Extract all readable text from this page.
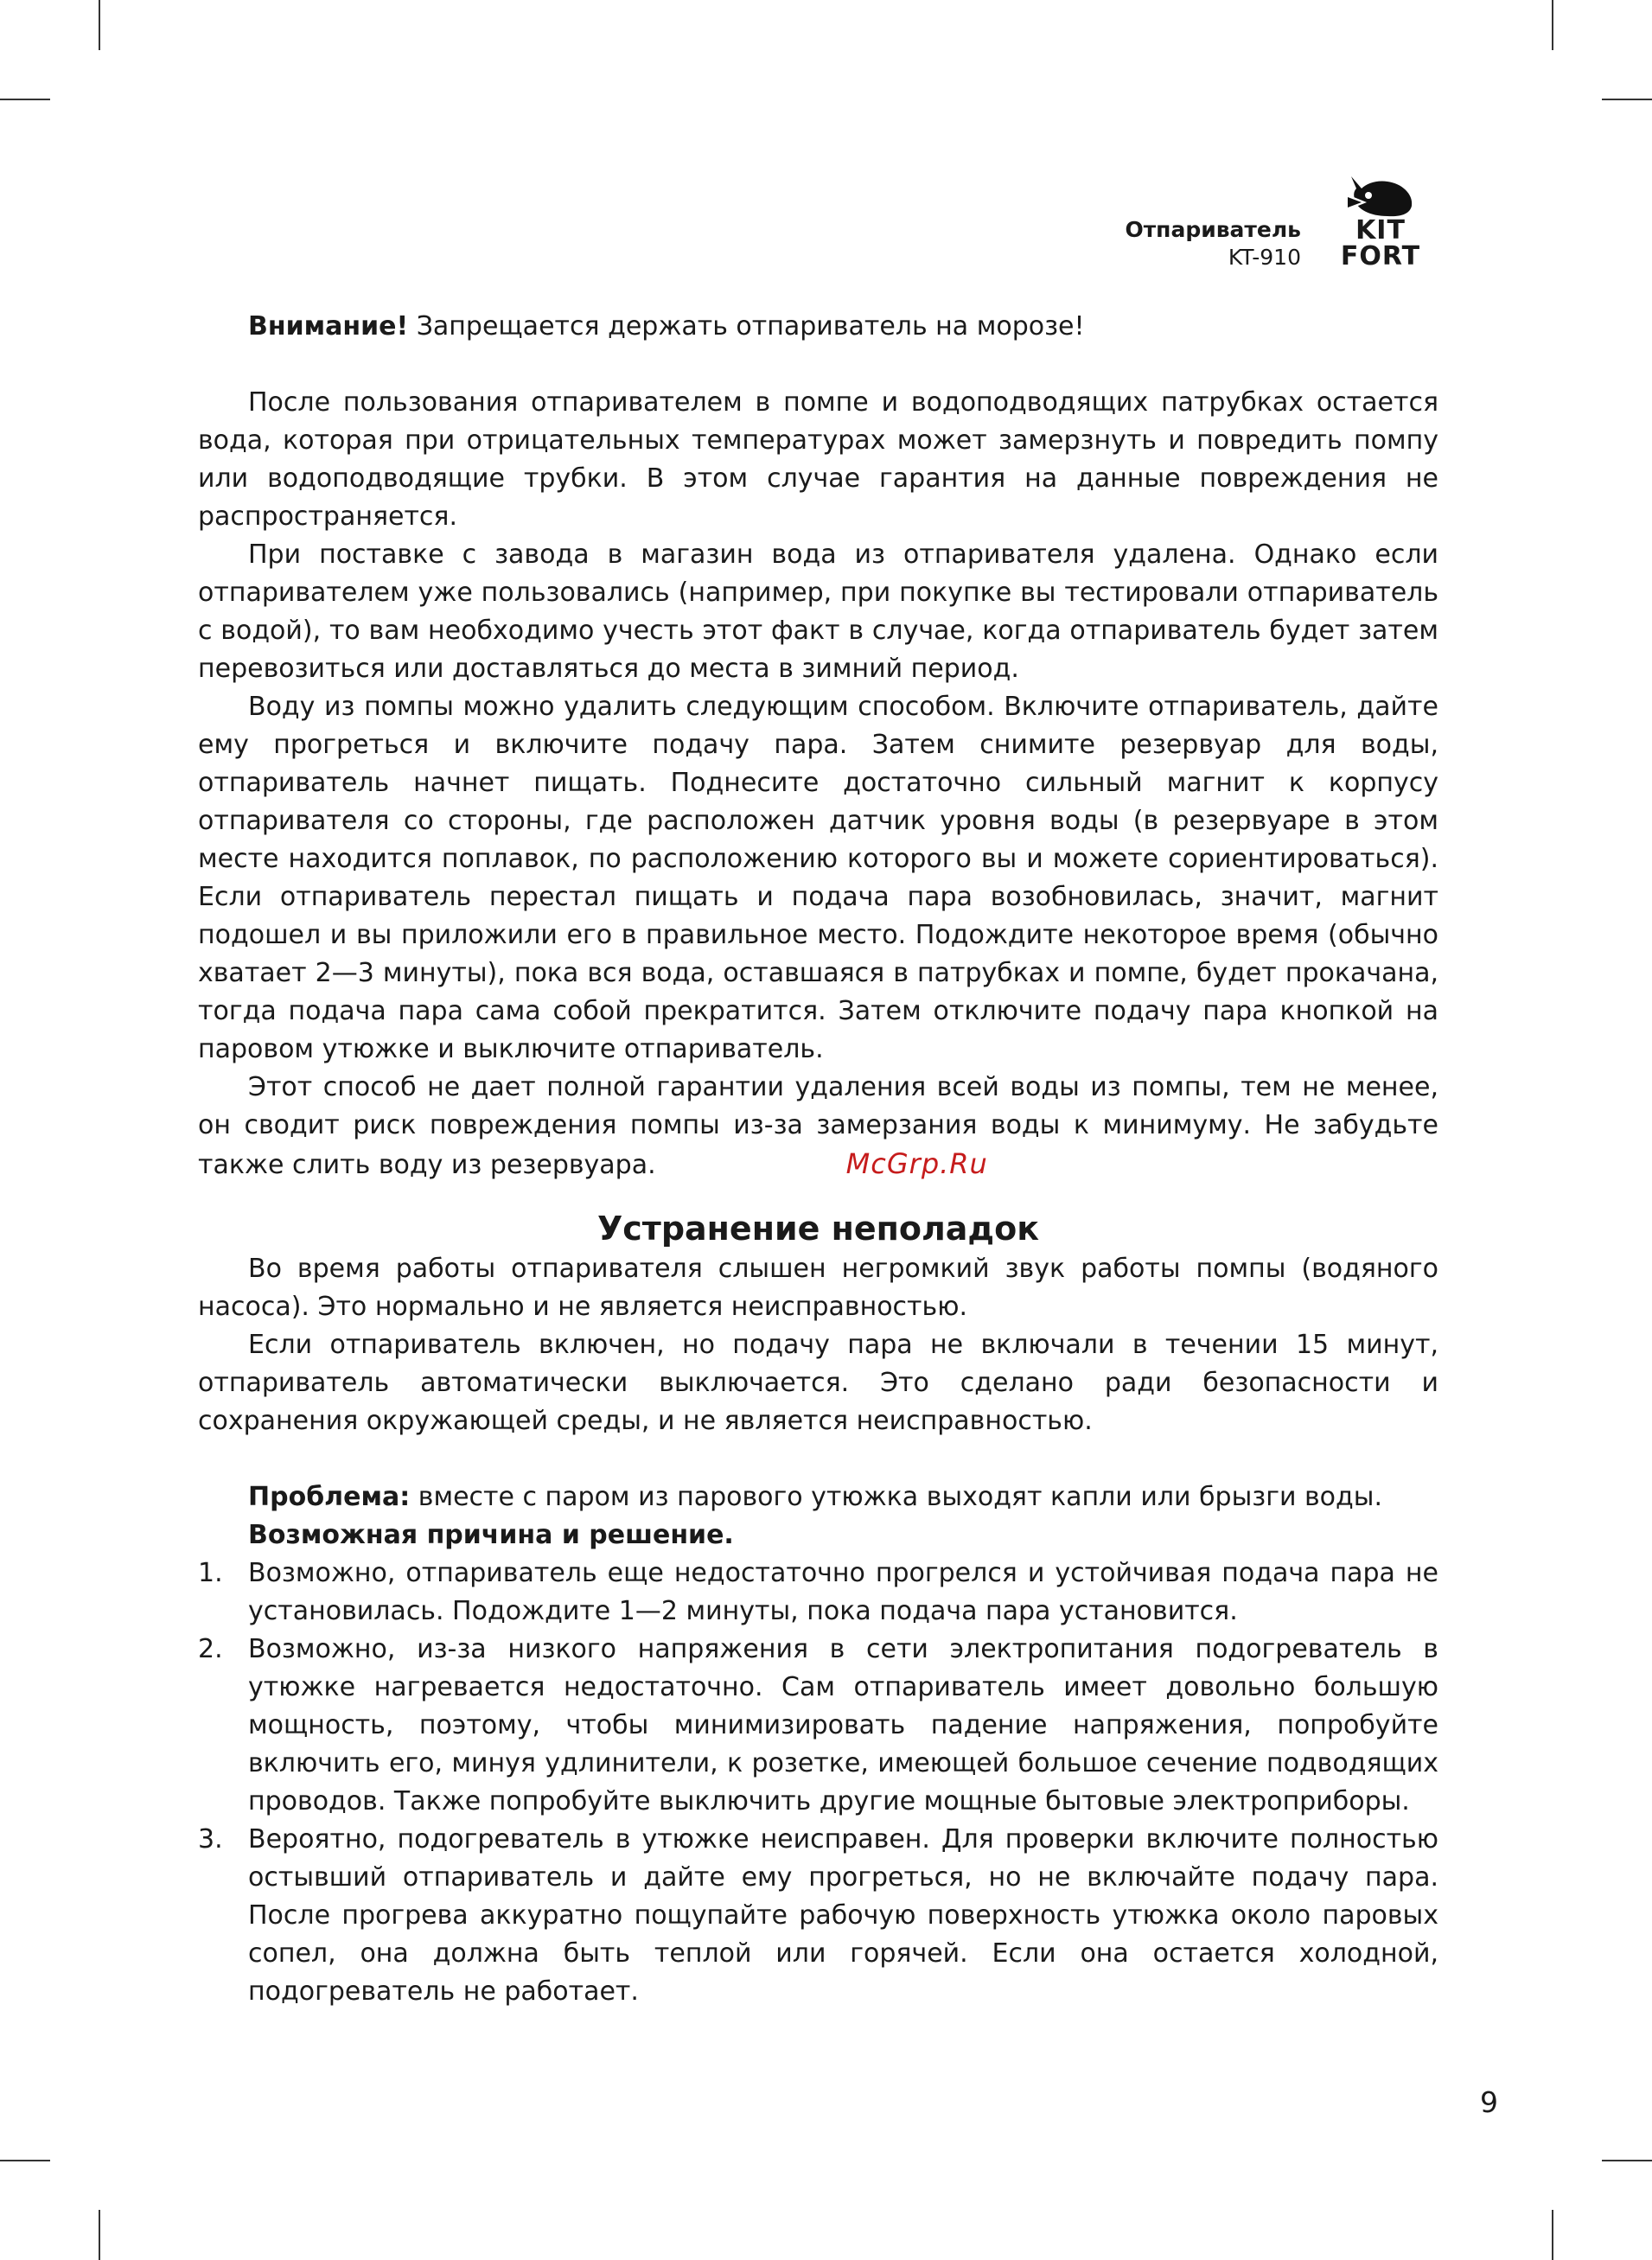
Отпариватель
KT-910
KIT
FORT

Внимание! Запрещается держать отпариватель на морозе!

После пользования отпаривателем в помпе и водоподводящих патрубках остается вода, которая при отрицательных температурах может замерзнуть и повредить помпу или водоподводящие трубки. В этом случае гарантия на данные повреждения не распространяется.

При поставке с завода в магазин вода из отпаривателя удалена. Однако если отпаривателем уже пользовались (например, при покупке вы тестировали отпариватель с водой), то вам необходимо учесть этот факт в случае, когда отпариватель будет затем перевозиться или доставляться до места в зимний период.

Воду из помпы можно удалить следующим способом. Включите отпариватель, дайте ему прогреться и включите подачу пара. Затем снимите резервуар для воды, отпариватель начнет пищать. Поднесите достаточно сильный магнит к корпусу отпаривателя со стороны, где расположен датчик уровня воды (в резервуаре в этом месте находится поплавок, по расположению которого вы и можете сориентироваться). Если отпариватель перестал пищать и подача пара возобновилась, значит, магнит подошел и вы приложили его в правильное место. Подождите некоторое время (обычно хватает 2—3 минуты), пока вся вода, оставшаяся в патрубках и помпе, будет прокачана, тогда подача пара сама собой прекратится. Затем отключите подачу пара кнопкой на паровом утюжке и выключите отпариватель.

Этот способ не дает полной гарантии удаления всей воды из помпы, тем не менее, он сводит риск повреждения помпы из-за замерзания воды к минимуму. Не забудьте также слить воду из резервуара.	McGrp.Ru

Устранение неполадок

Во время работы отпаривателя слышен негромкий звук работы помпы (водяного насоса). Это нормально и не является неисправностью.

Если отпариватель включен, но подачу пара не включали в течении 15 минут, отпариватель автоматически выключается. Это сделано ради безопасности и сохранения окружающей среды, и не является неисправностью.

Проблема: вместе с паром из парового утюжка выходят капли или брызги воды.

Возможная причина и решение.

1. Возможно, отпариватель еще недостаточно прогрелся и устойчивая подача пара не установилась. Подождите 1—2 минуты, пока подача пара установится.
2. Возможно, из-за низкого напряжения в сети электропитания подогреватель в утюжке нагревается недостаточно. Сам отпариватель имеет довольно большую мощность, поэтому, чтобы минимизировать падение напряжения, попробуйте включить его, минуя удлинители, к розетке, имеющей большое сечение подводящих проводов. Также попробуйте выключить другие мощные бытовые электроприборы.
3. Вероятно, подогреватель в утюжке неисправен. Для проверки включите полностью остывший отпариватель и дайте ему прогреться, но не включайте подачу пара. После прогрева аккуратно пощупайте рабочую поверхность утюжка около паровых сопел, она должна быть теплой или горячей. Если она остается холодной, подогреватель не работает.
9
